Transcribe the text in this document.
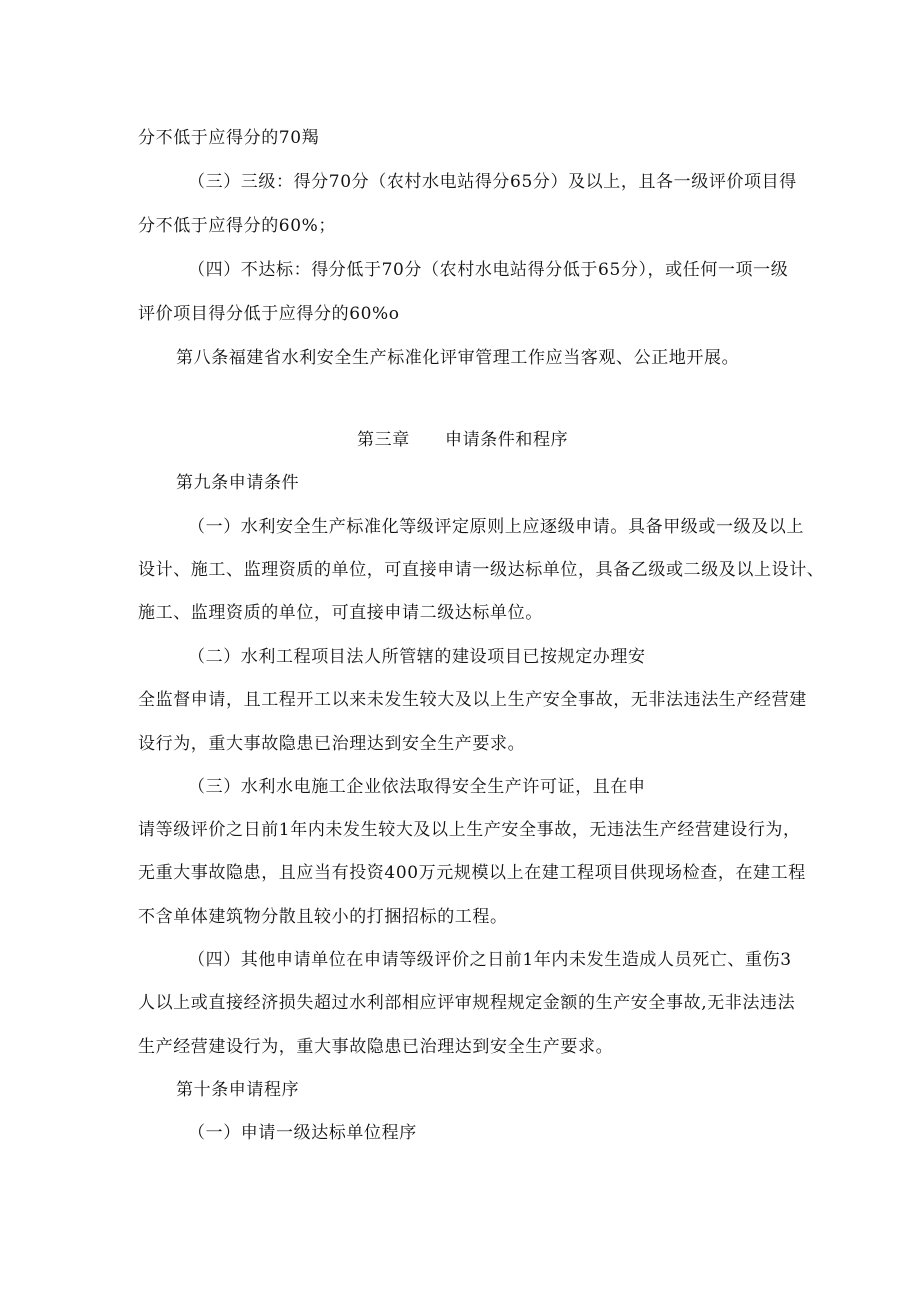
分不低于应得分的70羯
（三）三级：得分70分（农村水电站得分65分）及以上，且各一级评价项目得
分不低于应得分的60%；
（四）不达标：得分低于70分（农村水电站得分低于65分），或任何一项一级
评价项目得分低于应得分的60%o
第八条福建省水利安全生产标准化评审管理工作应当客观、公正地开展。
第三章　　申请条件和程序
第九条申请条件
（一）水利安全生产标准化等级评定原则上应逐级申请。具备甲级或一级及以上
设计、施工、监理资质的单位，可直接申请一级达标单位，具备乙级或二级及以上设计、
施工、监理资质的单位，可直接申请二级达标单位。
（二）水利工程项目法人所管辖的建设项目已按规定办理安
全监督申请，且工程开工以来未发生较大及以上生产安全事故，无非法违法生产经营建
设行为，重大事故隐患已治理达到安全生产要求。
（三）水利水电施工企业依法取得安全生产许可证，且在申
请等级评价之日前1年内未发生较大及以上生产安全事故，无违法生产经营建设行为，
无重大事故隐患，且应当有投资400万元规模以上在建工程项目供现场检查，在建工程
不含单体建筑物分散且较小的打捆招标的工程。
（四）其他申请单位在申请等级评价之日前1年内未发生造成人员死亡、重伤3
人以上或直接经济损失超过水利部相应评审规程规定金额的生产安全事故,无非法违法
生产经营建设行为，重大事故隐患已治理达到安全生产要求。
第十条申请程序
（一）申请一级达标单位程序
